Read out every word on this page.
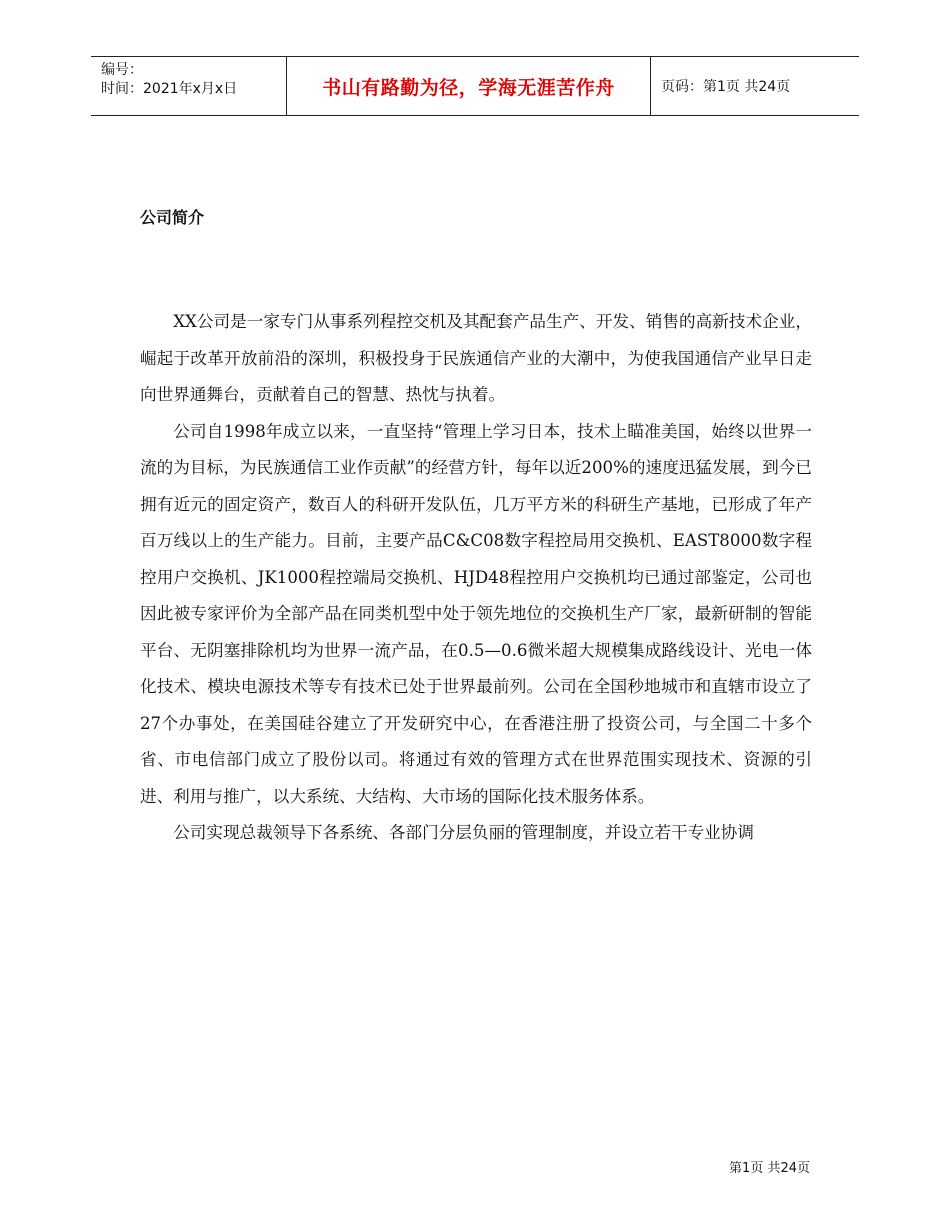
编号：
时间：2021年x月x日	书山有路勤为径，学海无涯苦作舟	页码：第1页 共24页
公司简介

XX公司是一家专门从事系列程控交机及其配套产品生产、开发、销售的高新技术企业，崛起于改革开放前沿的深圳，积极投身于民族通信产业的大潮中，为使我国通信产业早日走向世界通舞台，贡献着自己的智慧、热忱与执着。

公司自1998年成立以来，一直坚持“管理上学习日本，技术上瞄准美国，始终以世界一流的为目标，为民族通信工业作贡献”的经营方针，每年以近200%的速度迅猛发展，到今已拥有近元的固定资产，数百人的科研开发队伍，几万平方米的科研生产基地，已形成了年产百万线以上的生产能力。目前，主要产品C&C08数字程控局用交换机、EAST8000数字程控用户交换机、JK1000程控端局交换机、HJD48程控用户交换机均已通过部鉴定，公司也因此被专家评价为全部产品在同类机型中处于领先地位的交换机生产厂家，最新研制的智能平台、无阴塞排除机均为世界一流产品，在0.5—0.6微米超大规模集成路线设计、光电一体化技术、模块电源技术等专有技术已处于世界最前列。公司在全国秒地城市和直辖市设立了27个办事处，在美国硅谷建立了开发研究中心，在香港注册了投资公司，与全国二十多个省、市电信部门成立了股份以司。将通过有效的管理方式在世界范围实现技术、资源的引进、利用与推广，以大系统、大结构、大市场的国际化技术服务体系。

公司实现总裁领导下各系统、各部门分层负丽的管理制度，并设立若干专业协调

第1页 共24页
